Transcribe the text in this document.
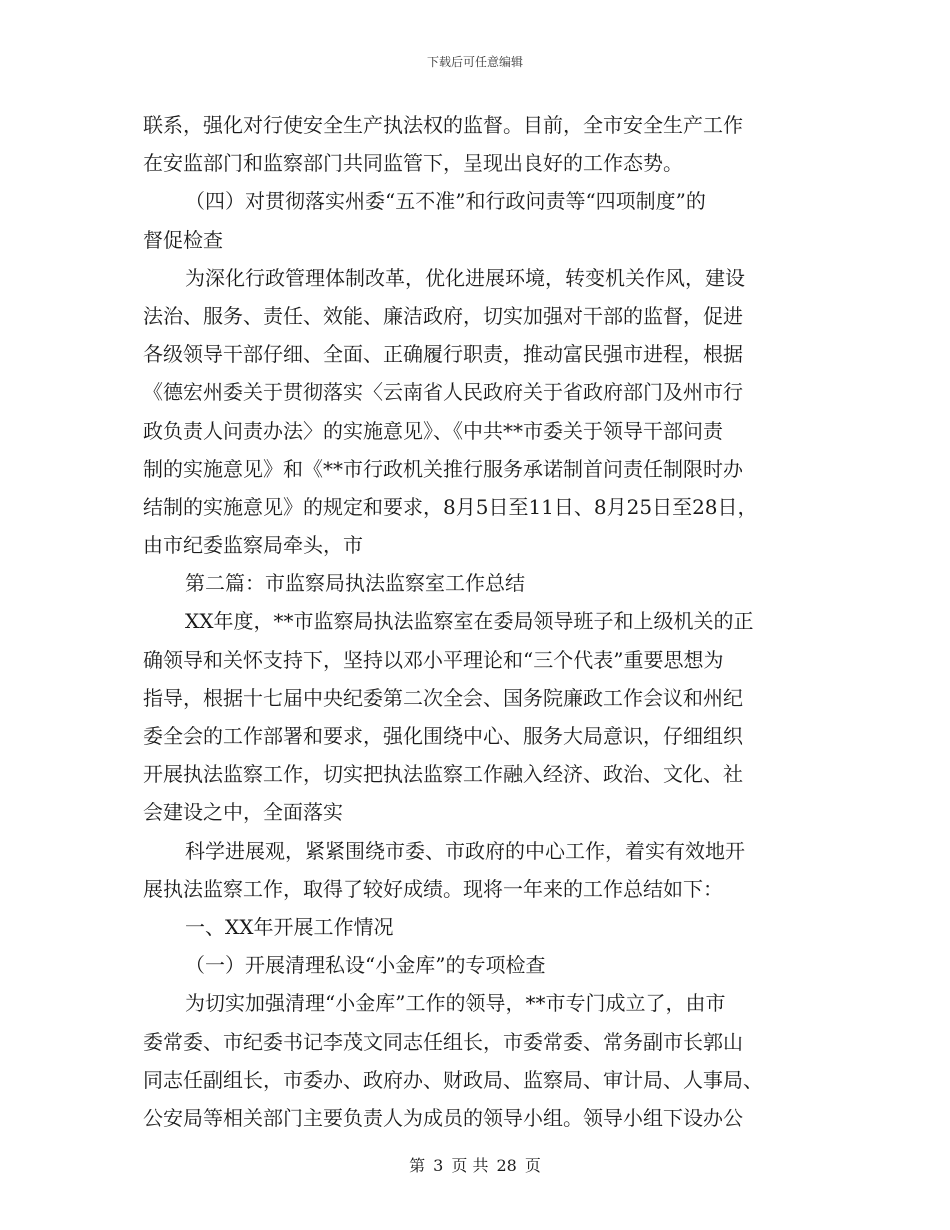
下载后可任意编辑
联系，强化对行使安全生产执法权的监督。目前，全市安全生产工作
在安监部门和监察部门共同监管下，呈现出良好的工作态势。
（四）对贯彻落实州委“五不准”和行政问责等“四项制度”的
督促检查
为深化行政管理体制改革，优化进展环境，转变机关作风，建设
法治、服务、责任、效能、廉洁政府，切实加强对干部的监督，促进
各级领导干部仔细、全面、正确履行职责，推动富民强市进程，根据
《德宏州委关于贯彻落实〈云南省人民政府关于省政府部门及州市行
政负责人问责办法〉的实施意见》、《中共**市委关于领导干部问责
制的实施意见》和《**市行政机关推行服务承诺制首问责任制限时办
结制的实施意见》的规定和要求，8月5日至11日、8月25日至28日，
由市纪委监察局牵头，市
第二篇：市监察局执法监察室工作总结
XX年度，**市监察局执法监察室在委局领导班子和上级机关的正
确领导和关怀支持下，坚持以邓小平理论和“三个代表”重要思想为
指导，根据十七届中央纪委第二次全会、国务院廉政工作会议和州纪
委全会的工作部署和要求，强化围绕中心、服务大局意识，仔细组织
开展执法监察工作，切实把执法监察工作融入经济、政治、文化、社
会建设之中，全面落实
科学进展观，紧紧围绕市委、市政府的中心工作，着实有效地开
展执法监察工作，取得了较好成绩。现将一年来的工作总结如下：
一、XX年开展工作情况
（一）开展清理私设“小金库”的专项检查
为切实加强清理“小金库”工作的领导，**市专门成立了，由市
委常委、市纪委书记李茂文同志任组长，市委常委、常务副市长郭山
同志任副组长，市委办、政府办、财政局、监察局、审计局、人事局、
公安局等相关部门主要负责人为成员的领导小组。领导小组下设办公
第 3 页 共 28 页
